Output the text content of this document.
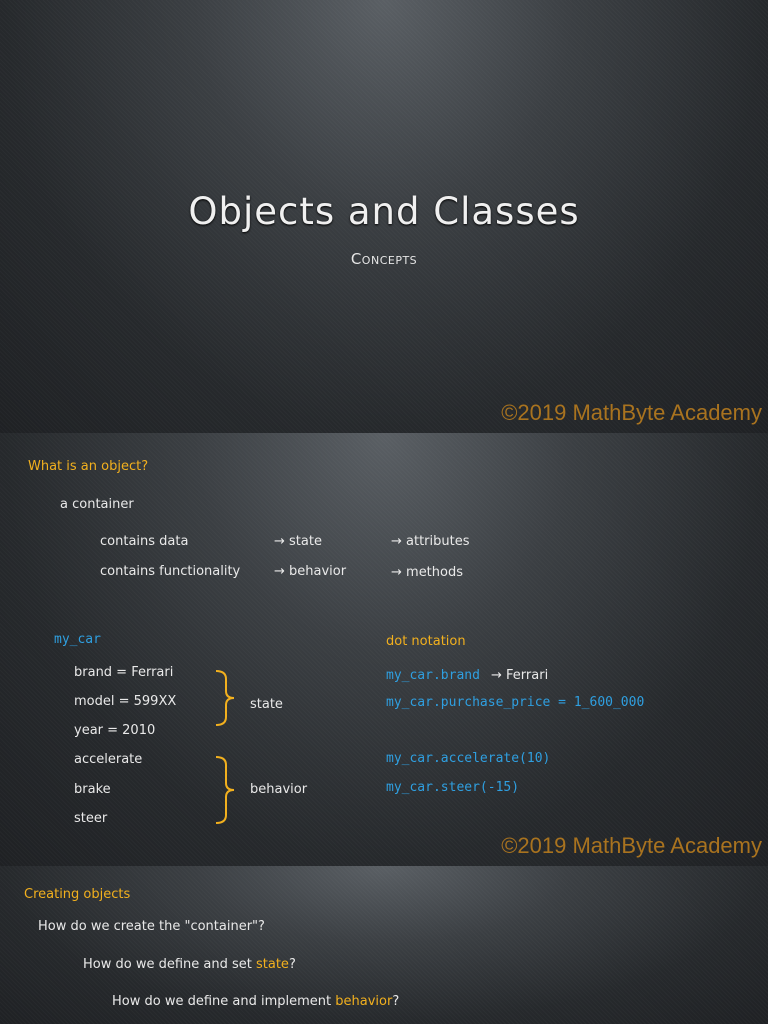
Objects and Classes
Concepts
©2019 MathByte Academy
What is an object?
a container
contains data	→ state	→ attributes
contains functionality	→ behavior	→ methods
my_car
brand = Ferrari
model = 599XX
year = 2010
state
accelerate
brake
steer
behavior
dot notation
my_car.brand → Ferrari
my_car.purchase_price = 1_600_000
my_car.accelerate(10)
my_car.steer(-15)
©2019 MathByte Academy
Creating objects
How do we create the "container"?
How do we define and set state?
How do we define and implement behavior?
